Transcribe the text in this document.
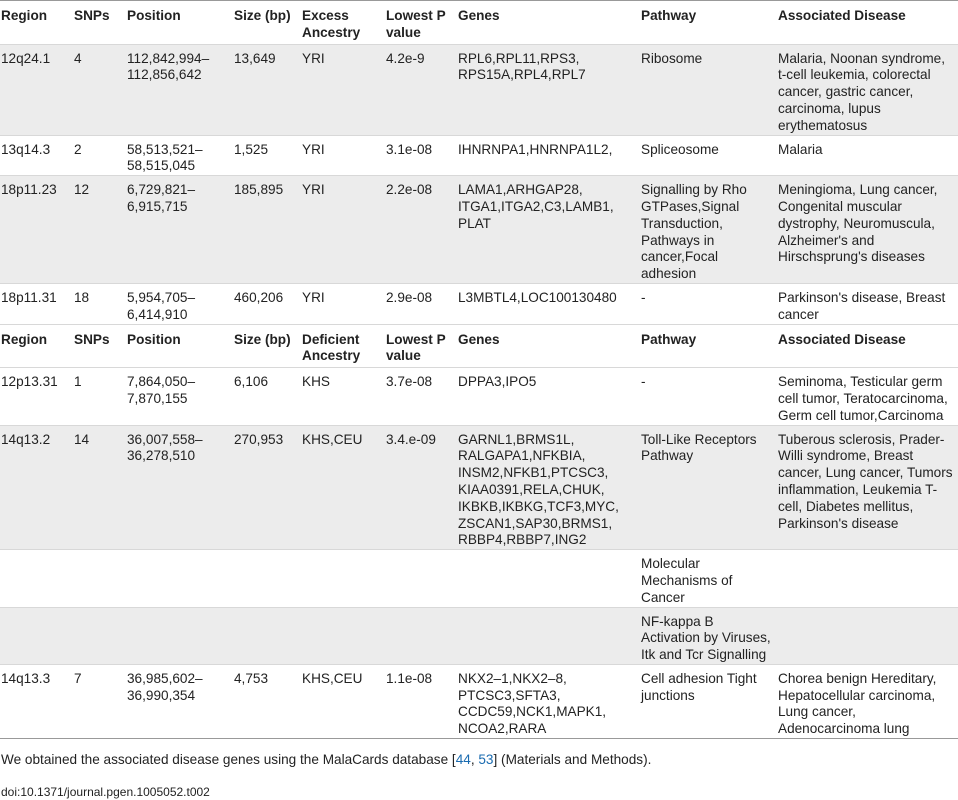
Region	SNPs	Position	Size (bp)	Excess Ancestry	Lowest P value	Genes	Pathway	Associated Disease
12q24.1	4	112,842,994–112,856,642	13,649	YRI	4.2e-9	RPL6,RPL11,RPS3, RPS15A,RPL4,RPL7	Ribosome	Malaria, Noonan syndrome, t-cell leukemia, colorectal cancer, gastric cancer, carcinoma, lupus erythematosus
13q14.3	2	58,513,521–58,515,045	1,525	YRI	3.1e-08	IHNRNPA1,HNRNPA1L2,	Spliceosome	Malaria
18p11.23	12	6,729,821–6,915,715	185,895	YRI	2.2e-08	LAMA1,ARHGAP28, ITGA1,ITGA2,C3,LAMB1, PLAT	Signalling by Rho GTPases,Signal Transduction, Pathways in cancer,Focal adhesion	Meningioma, Lung cancer, Congenital muscular dystrophy, Neuromuscula, Alzheimer's and Hirschsprung's diseases
18p11.31	18	5,954,705–6,414,910	460,206	YRI	2.9e-08	L3MBTL4,LOC100130480	-	Parkinson's disease, Breast cancer
Region	SNPs	Position	Size (bp)	Deficient Ancestry	Lowest P value	Genes	Pathway	Associated Disease
12p13.31	1	7,864,050–7,870,155	6,106	KHS	3.7e-08	DPPA3,IPO5	-	Seminoma, Testicular germ cell tumor, Teratocarcinoma, Germ cell tumor,Carcinoma
14q13.2	14	36,007,558–36,278,510	270,953	KHS,CEU	3.4.e-09	GARNL1,BRMS1L, RALGAPA1,NFKBIA, INSM2,NFKB1,PTCSC3, KIAA0391,RELA,CHUK, IKBKB,IKBKG,TCF3,MYC, ZSCAN1,SAP30,BRMS1, RBBP4,RBBP7,ING2	Toll-Like Receptors Pathway	Tuberous sclerosis, Prader-Willi syndrome, Breast cancer, Lung cancer, Tumors inflammation, Leukemia T-cell, Diabetes mellitus, Parkinson's disease
							Molecular Mechanisms of Cancer	
							NF-kappa B Activation by Viruses, Itk and Tcr Signalling	
14q13.3	7	36,985,602–36,990,354	4,753	KHS,CEU	1.1e-08	NKX2–1,NKX2–8, PTCSC3,SFTA3, CCDC59,NCK1,MAPK1, NCOA2,RARA	Cell adhesion Tight junctions	Chorea benign Hereditary, Hepatocellular carcinoma, Lung cancer, Adenocarcinoma lung
We obtained the associated disease genes using the MalaCards database [44, 53] (Materials and Methods).
doi:10.1371/journal.pgen.1005052.t002
